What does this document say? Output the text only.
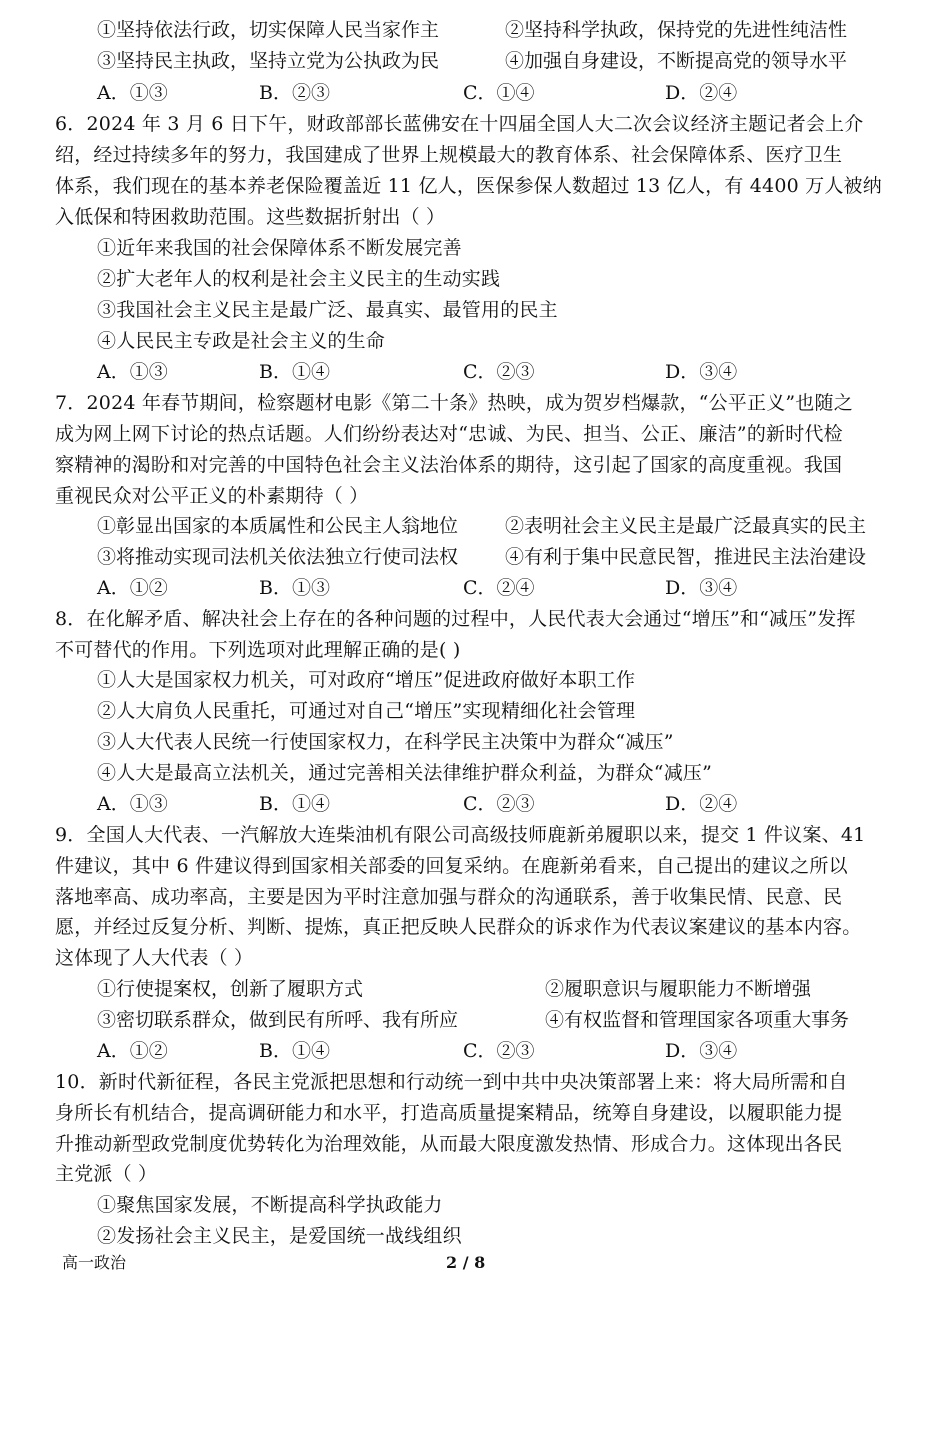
①坚持依法行政，切实保障人民当家作主	②坚持科学执政，保持党的先进性纯洁性
③坚持民主执政，坚持立党为公执政为民	④加强自身建设，不断提高党的领导水平
A．①③	B．②③	C．①④	D．②④
6．2024 年 3 月 6 日下午，财政部部长蓝佛安在十四届全国人大二次会议经济主题记者会上介
绍，经过持续多年的努力，我国建成了世界上规模最大的教育体系、社会保障体系、医疗卫生
体系，我们现在的基本养老保险覆盖近 11 亿人，医保参保人数超过 13 亿人，有 4400 万人被纳
入低保和特困救助范围。这些数据折射出（ ）
①近年来我国的社会保障体系不断发展完善
②扩大老年人的权利是社会主义民主的生动实践
③我国社会主义民主是最广泛、最真实、最管用的民主
④人民民主专政是社会主义的生命
A．①③	B．①④	C．②③	D．③④
7．2024 年春节期间，检察题材电影《第二十条》热映，成为贺岁档爆款，“公平正义”也随之
成为网上网下讨论的热点话题。人们纷纷表达对“忠诚、为民、担当、公正、廉洁”的新时代检
察精神的渴盼和对完善的中国特色社会主义法治体系的期待，这引起了国家的高度重视。我国
重视民众对公平正义的朴素期待（ ）
①彰显出国家的本质属性和公民主人翁地位 ②表明社会主义民主是最广泛最真实的民主
③将推动实现司法机关依法独立行使司法权 ④有利于集中民意民智，推进民主法治建设
A．①②	B．①③	C．②④	D．③④
8．在化解矛盾、解决社会上存在的各种问题的过程中，人民代表大会通过“增压”和“减压”发挥
不可替代的作用。下列选项对此理解正确的是( )
①人大是国家权力机关，可对政府“增压”促进政府做好本职工作
②人大肩负人民重托，可通过对自己“增压”实现精细化社会管理
③人大代表人民统一行使国家权力，在科学民主决策中为群众“减压”
④人大是最高立法机关，通过完善相关法律维护群众利益，为群众“减压”
A．①③	B．①④	C．②③	D．②④
9．全国人大代表、一汽解放大连柴油机有限公司高级技师鹿新弟履职以来，提交 1 件议案、41
件建议，其中 6 件建议得到国家相关部委的回复采纳。在鹿新弟看来，自己提出的建议之所以
落地率高、成功率高，主要是因为平时注意加强与群众的沟通联系，善于收集民情、民意、民
愿，并经过反复分析、判断、提炼，真正把反映人民群众的诉求作为代表议案建议的基本内容。
这体现了人大代表（ ）
①行使提案权，创新了履职方式	②履职意识与履职能力不断增强
③密切联系群众，做到民有所呼、我有所应	④有权监督和管理国家各项重大事务
A．①②	B．①④	C．②③	D．③④
10．新时代新征程，各民主党派把思想和行动统一到中共中央决策部署上来：将大局所需和自
身所长有机结合，提高调研能力和水平，打造高质量提案精品，统筹自身建设，以履职能力提
升推动新型政党制度优势转化为治理效能，从而最大限度激发热情、形成合力。这体现出各民
主党派（ ）
①聚焦国家发展，不断提高科学执政能力
②发扬社会主义民主，是爱国统一战线组织
高一政治	2 / 8
